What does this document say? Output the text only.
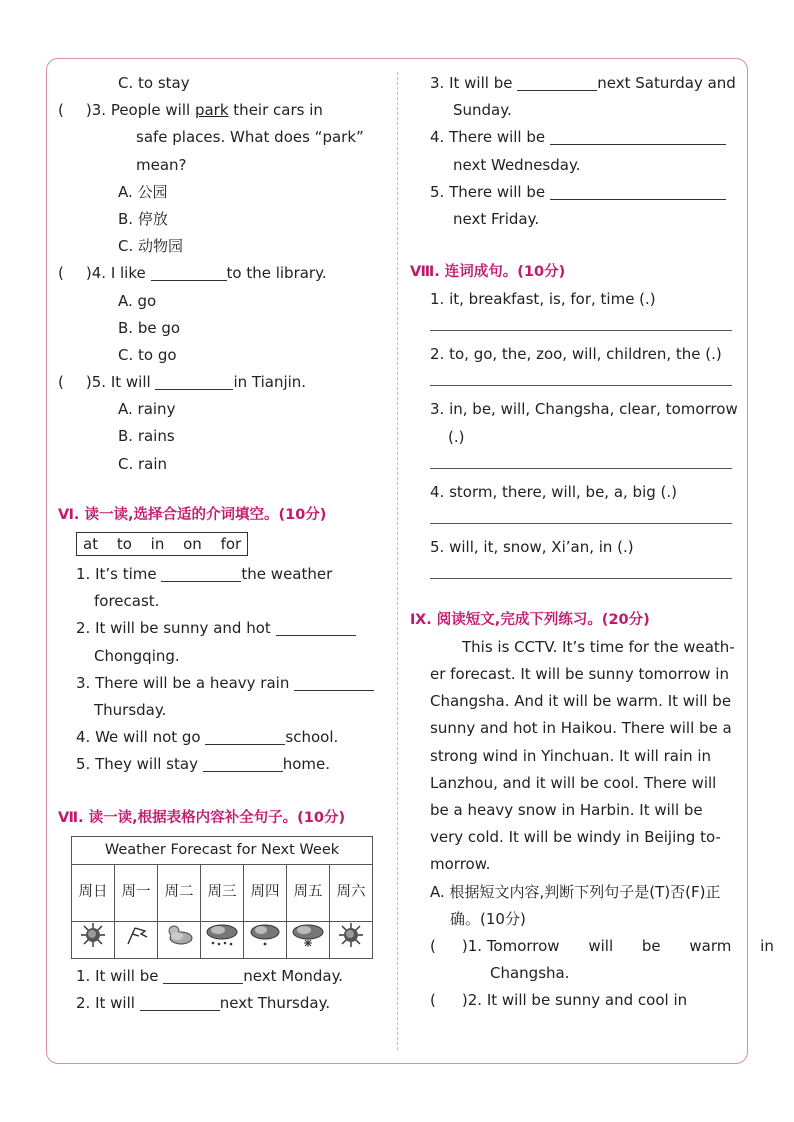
C. to stay
( )3. People will park their cars in
safe places. What does “park”
mean?
A. 公园
B. 停放
C. 动物园
( )4. I like	to the library.
A. go
B. be go
C. to go
( )5. It will	in Tianjin.
A. rainy
B. rains
C. rain
Ⅵ. 读一读,选择合适的介词填空。(10分)
at to in on for
1. It’s time	the weather
forecast.
2. It will be sunny and hot
Chongqing.
3. There will be a heavy rain
Thursday.
4. We will not go	school.
5. They will stay	home.
Ⅶ. 读一读,根据表格内容补全句子。(10分)
Weather Forecast for Next Week						
周日	周一	周二	周三	周四	周五	周六

1. It will be	next Monday.
2. It will	next Thursday.
3. It will be	next Saturday and
Sunday.
4. There will be
next Wednesday.
5. There will be
next Friday.
Ⅷ. 连词成句。(10分)
1. it, breakfast, is, for, time (.)
2. to, go, the, zoo, will, children, the (.)
3. in, be, will, Changsha, clear, tomorrow
(.)
4. storm, there, will, be, a, big (.)
5. will, it, snow, Xi’an, in (.)
Ⅸ. 阅读短文,完成下列练习。(20分)

This is CCTV. It’s time for the weath-

er forecast. It will be sunny tomorrow in

Changsha. And it will be warm. It will be

sunny and hot in Haikou. There will be a

strong wind in Yinchuan. It will rain in

Lanzhou, and it will be cool. There will

be a heavy snow in Harbin. It will be

very cold. It will be windy in Beijing to-

morrow.

A. 根据短文内容,判断下列句子是(T)否(F)正
确。(10分)
( )1. Tomorrow will be warm in
Changsha.
( )2. It will be sunny and cool in
